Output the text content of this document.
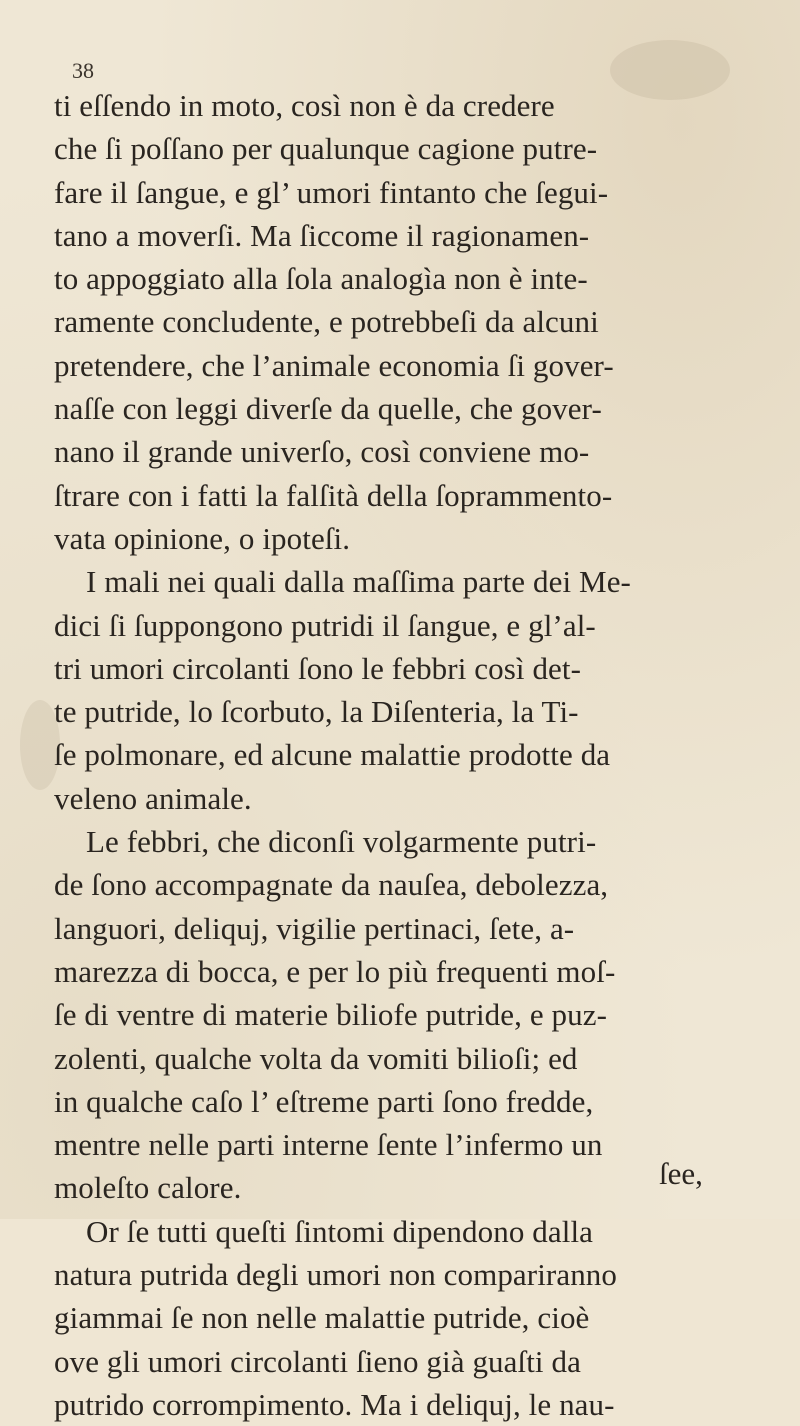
38
ti eſſendo in moto, così non è da credere
che ſi poſſano per qualunque cagione putre-
fare il ſangue, e gl’ umori fintanto che ſegui-
tano a moverſi. Ma ſiccome il ragionamen-
to appoggiato alla ſola analogìa non è inte-
ramente concludente, e potrebbeſi da alcuni
pretendere, che l’animale economia ſi gover-
naſſe con leggi diverſe da quelle, che gover-
nano il grande univerſo, così conviene mo-
ſtrare con i fatti la falſità della ſoprammento-
vata opinione, o ipoteſi.
I mali nei quali dalla maſſima parte dei Me-
dici ſi ſuppongono putridi il ſangue, e gl’al-
tri umori circolanti ſono le febbri così det-
te putride, lo ſcorbuto, la Diſenteria, la Ti-
ſe polmonare, ed alcune malattie prodotte da
veleno animale.
Le febbri, che diconſi volgarmente putri-
de ſono accompagnate da nauſea, debolezza,
languori, deliquj, vigilie pertinaci, ſete, a-
marezza di bocca, e per lo più frequenti moſ-
ſe di ventre di materie biliofe putride, e puz-
zolenti, qualche volta da vomiti bilioſi; ed
in qualche caſo l’ eſtreme parti ſono fredde,
mentre nelle parti interne ſente l’infermo un
moleſto calore.
Or ſe tutti queſti ſintomi dipendono dalla
natura putrida degli umori non compariranno
giammai ſe non nelle malattie putride, cioè
ove gli umori circolanti ſieno già guaſti da
putrido corrompimento. Ma i deliquj, le nau-
ſee,
